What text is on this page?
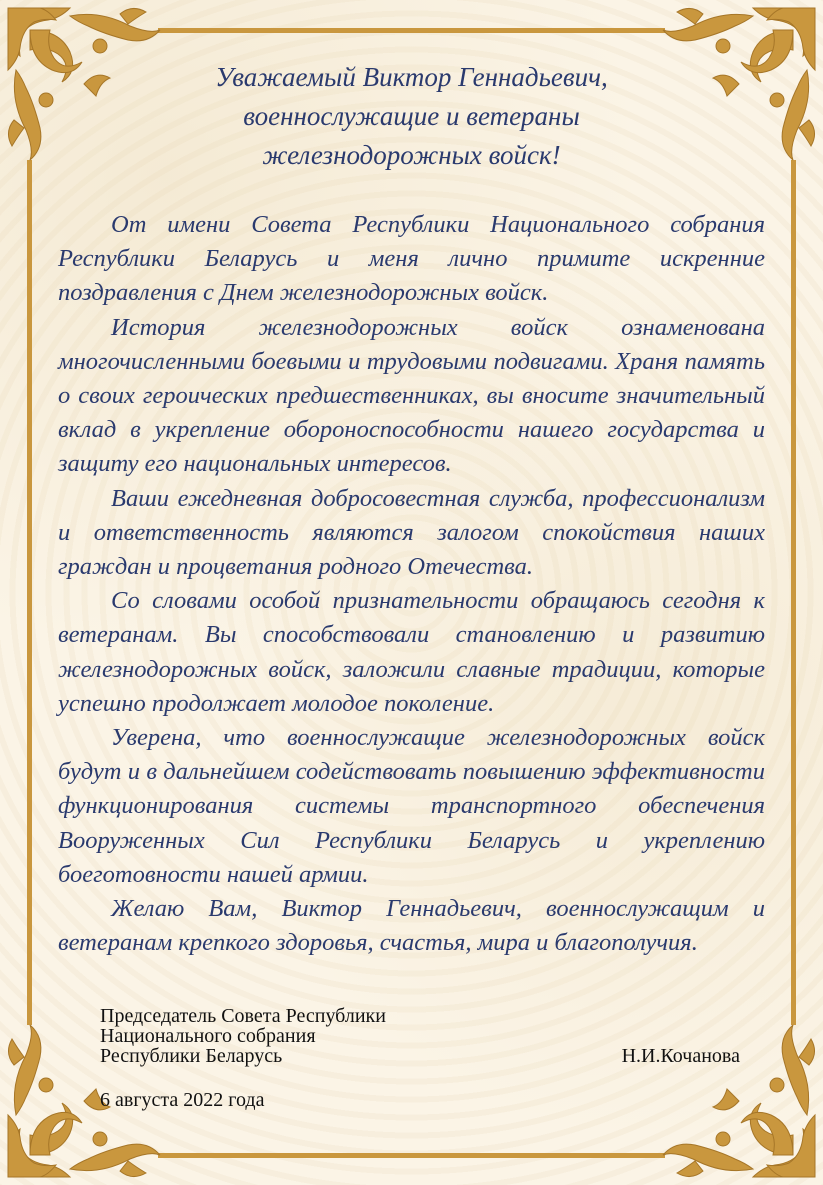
Уважаемый Виктор Геннадьевич,
военнослужащие и ветераны
железнодорожных войск!

От имени Совета Республики Национального собрания Республики Беларусь и меня лично примите искренние поздравления с Днем железнодорожных войск.

История железнодорожных войск ознаменована многочисленными боевыми и трудовыми подвигами. Храня память о своих героических предшественниках, вы вносите значительный вклад в укрепление обороноспособности нашего государства и защиту его национальных интересов.

Ваши ежедневная добросовестная служба, профессионализм и ответственность являются залогом спокойствия наших граждан и процветания родного Отечества.

Со словами особой признательности обращаюсь сегодня к ветеранам. Вы способствовали становлению и развитию железнодорожных войск, заложили славные традиции, которые успешно продолжает молодое поколение.

Уверена, что военнослужащие железнодорожных войск будут и в дальнейшем содействовать повышению эффективности функционирования системы транспортного обеспечения Вооруженных Сил Республики Беларусь и укреплению боеготовности нашей армии.

Желаю Вам, Виктор Геннадьевич, военнослужащим и ветеранам крепкого здоровья, счастья, мира и благополучия.

Председатель Совета Республики
Национального собрания
Республики Беларусь	Н.И.Кочанова
6 августа 2022 года
